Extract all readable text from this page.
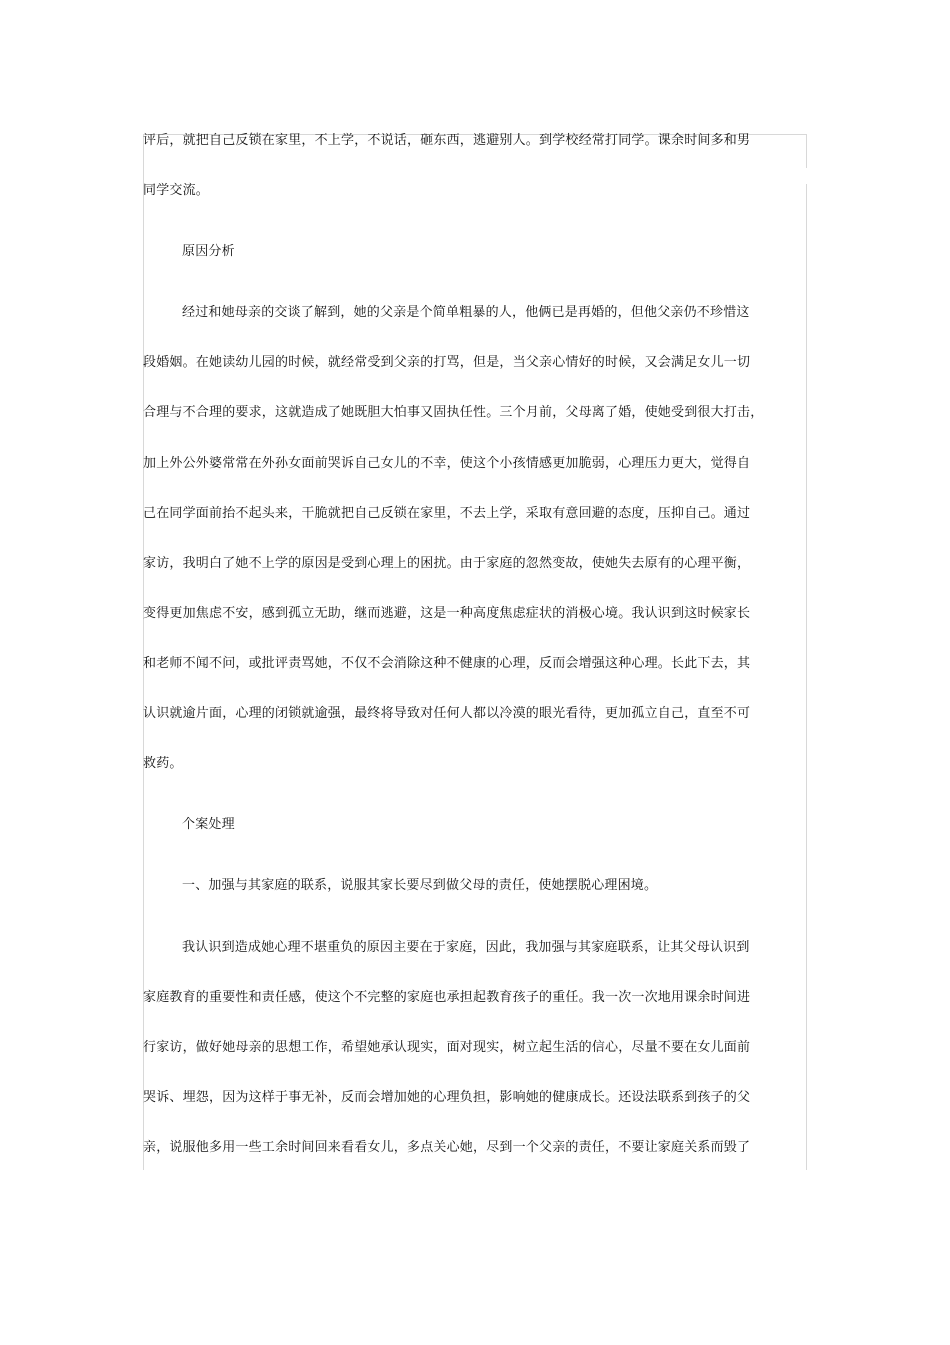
评后，就把自己反锁在家里，不上学，不说话，砸东西，逃避别人。到学校经常打同学。课余时间多和男
同学交流。
原因分析
经过和她母亲的交谈了解到，她的父亲是个简单粗暴的人，他俩已是再婚的，但他父亲仍不珍惜这
段婚姻。在她读幼儿园的时候，就经常受到父亲的打骂，但是，当父亲心情好的时候，又会满足女儿一切
合理与不合理的要求，这就造成了她既胆大怕事又固执任性。三个月前，父母离了婚，使她受到很大打击，
加上外公外婆常常在外孙女面前哭诉自己女儿的不幸，使这个小孩情感更加脆弱，心理压力更大，觉得自
己在同学面前抬不起头来，干脆就把自己反锁在家里，不去上学，采取有意回避的态度，压抑自己。通过
家访，我明白了她不上学的原因是受到心理上的困扰。由于家庭的忽然变故，使她失去原有的心理平衡，
变得更加焦虑不安，感到孤立无助，继而逃避，这是一种高度焦虑症状的消极心境。我认识到这时候家长
和老师不闻不问，或批评责骂她，不仅不会消除这种不健康的心理，反而会增强这种心理。长此下去，其
认识就逾片面，心理的闭锁就逾强，最终将导致对任何人都以冷漠的眼光看待，更加孤立自己，直至不可
救药。
个案处理
一、加强与其家庭的联系，说服其家长要尽到做父母的责任，使她摆脱心理困境。
我认识到造成她心理不堪重负的原因主要在于家庭，因此，我加强与其家庭联系，让其父母认识到
家庭教育的重要性和责任感，使这个不完整的家庭也承担起教育孩子的重任。我一次一次地用课余时间进
行家访，做好她母亲的思想工作，希望她承认现实，面对现实，树立起生活的信心，尽量不要在女儿面前
哭诉、埋怨，因为这样于事无补，反而会增加她的心理负担，影响她的健康成长。还设法联系到孩子的父
亲，说服他多用一些工余时间回来看看女儿，多点关心她，尽到一个父亲的责任，不要让家庭关系而毁了
